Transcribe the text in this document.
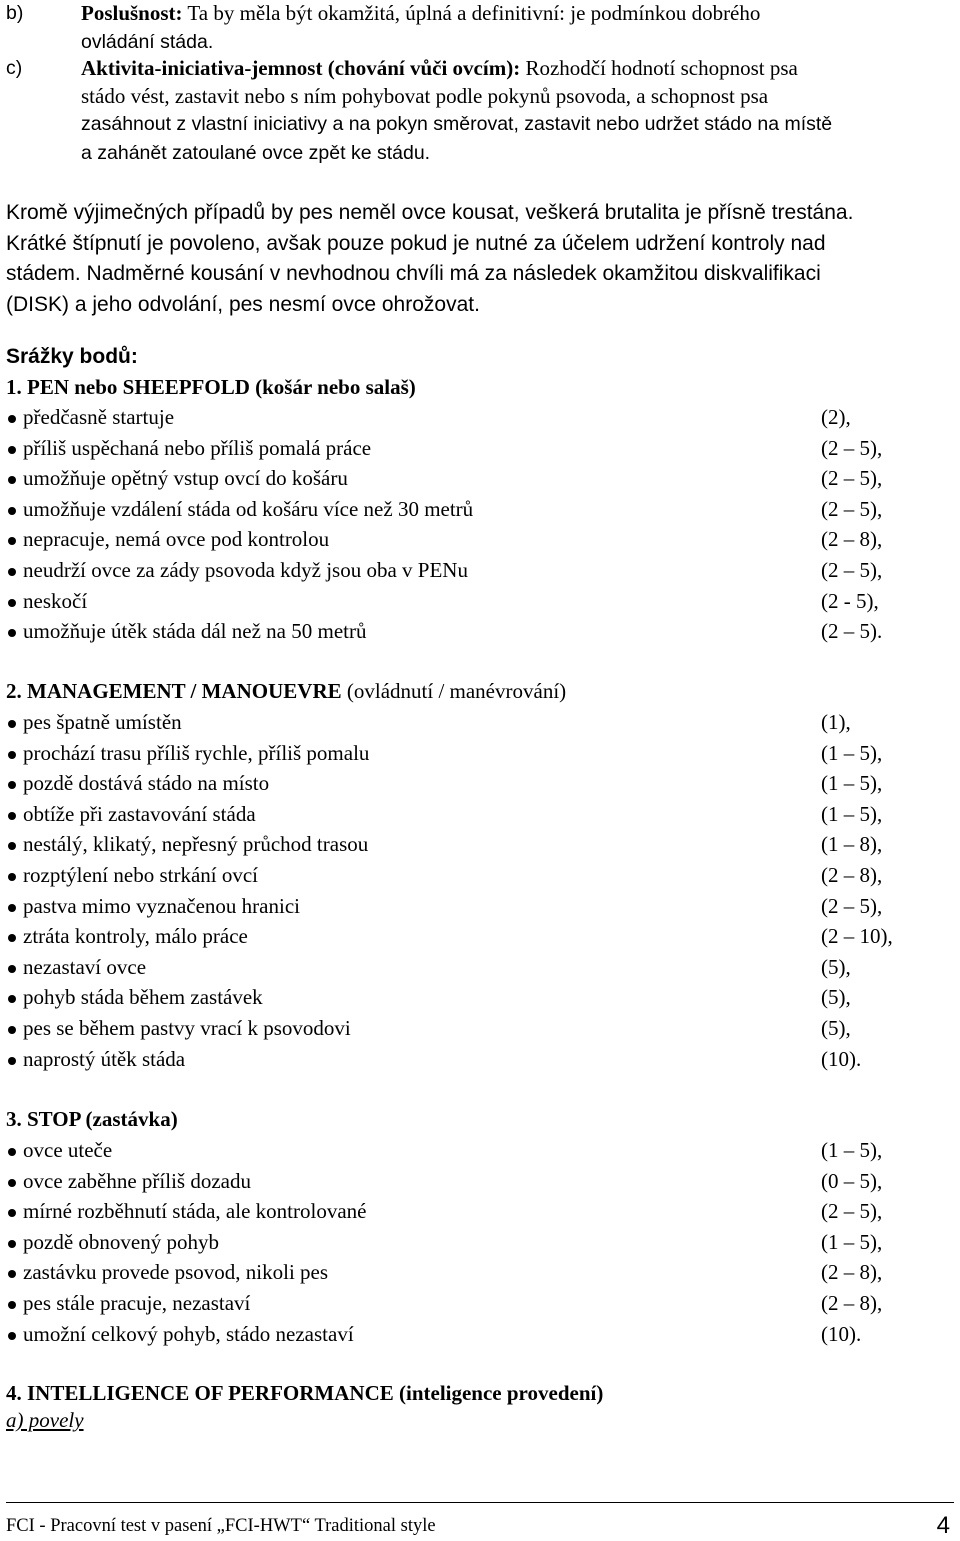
b)	Poslušnost: Ta by měla být okamžitá, úplná a definitivní: je podmínkou dobrého
ovládání stáda.
c)	Aktivita-iniciativa-jemnost (chování vůči ovcím): Rozhodčí hodnotí schopnost psa
stádo vést, zastavit nebo s ním pohybovat podle pokynů psovoda, a schopnost psa
zasáhnout z vlastní iniciativy a na pokyn směrovat, zastavit nebo udržet stádo na místě
a zahánět zatoulané ovce zpět ke stádu.
Kromě výjimečných případů by pes neměl ovce kousat, veškerá brutalita je přísně trestána.
Krátké štípnutí je povoleno, avšak pouze pokud je nutné za účelem udržení kontroly nad
stádem. Nadměrné kousání v nevhodnou chvíli má za následek okamžitou diskvalifikaci
(DISK) a jeho odvolání, pes nesmí ovce ohrožovat.
Srážky bodů:
1. PEN nebo SHEEPFOLD (košár nebo salaš)
předčasně startuje	(2),
příliš uspěchaná nebo příliš pomalá práce	(2 – 5),
umožňuje opětný vstup ovcí do košáru	(2 – 5),
umožňuje vzdálení stáda od košáru více než 30 metrů	(2 – 5),
nepracuje, nemá ovce pod kontrolou	(2 – 8),
neudrží ovce za zády psovoda když jsou oba v PENu	(2 – 5),
neskočí	(2 - 5),
umožňuje útěk stáda dál než na 50 metrů	(2 – 5).
2. MANAGEMENT / MANOUEVRE (ovládnutí / manévrování)
pes špatně umístěn	(1),
prochází trasu příliš rychle, příliš pomalu	(1 – 5),
pozdě dostává stádo na místo	(1 – 5),
obtíže při zastavování stáda	(1 – 5),
nestálý, klikatý, nepřesný průchod trasou	(1 – 8),
rozptýlení nebo strkání ovcí	(2 – 8),
pastva mimo vyznačenou hranici	(2 – 5),
ztráta kontroly, málo práce	(2 – 10),
nezastaví ovce	(5),
pohyb stáda během zastávek	(5),
pes se během pastvy vrací k psovodovi	(5),
naprostý útěk stáda	(10).
3. STOP (zastávka)
ovce uteče	(1 – 5),
ovce zaběhne příliš dozadu	(0 – 5),
mírné rozběhnutí stáda, ale kontrolované	(2 – 5),
pozdě obnovený pohyb	(1 – 5),
zastávku provede psovod, nikoli pes	(2 – 8),
pes stále pracuje, nezastaví	(2 – 8),
umožní celkový pohyb, stádo nezastaví	(10).
4. INTELLIGENCE OF PERFORMANCE (inteligence provedení)
a) povely
FCI - Pracovní test v pasení „FCI-HWT“ Traditional style	4
